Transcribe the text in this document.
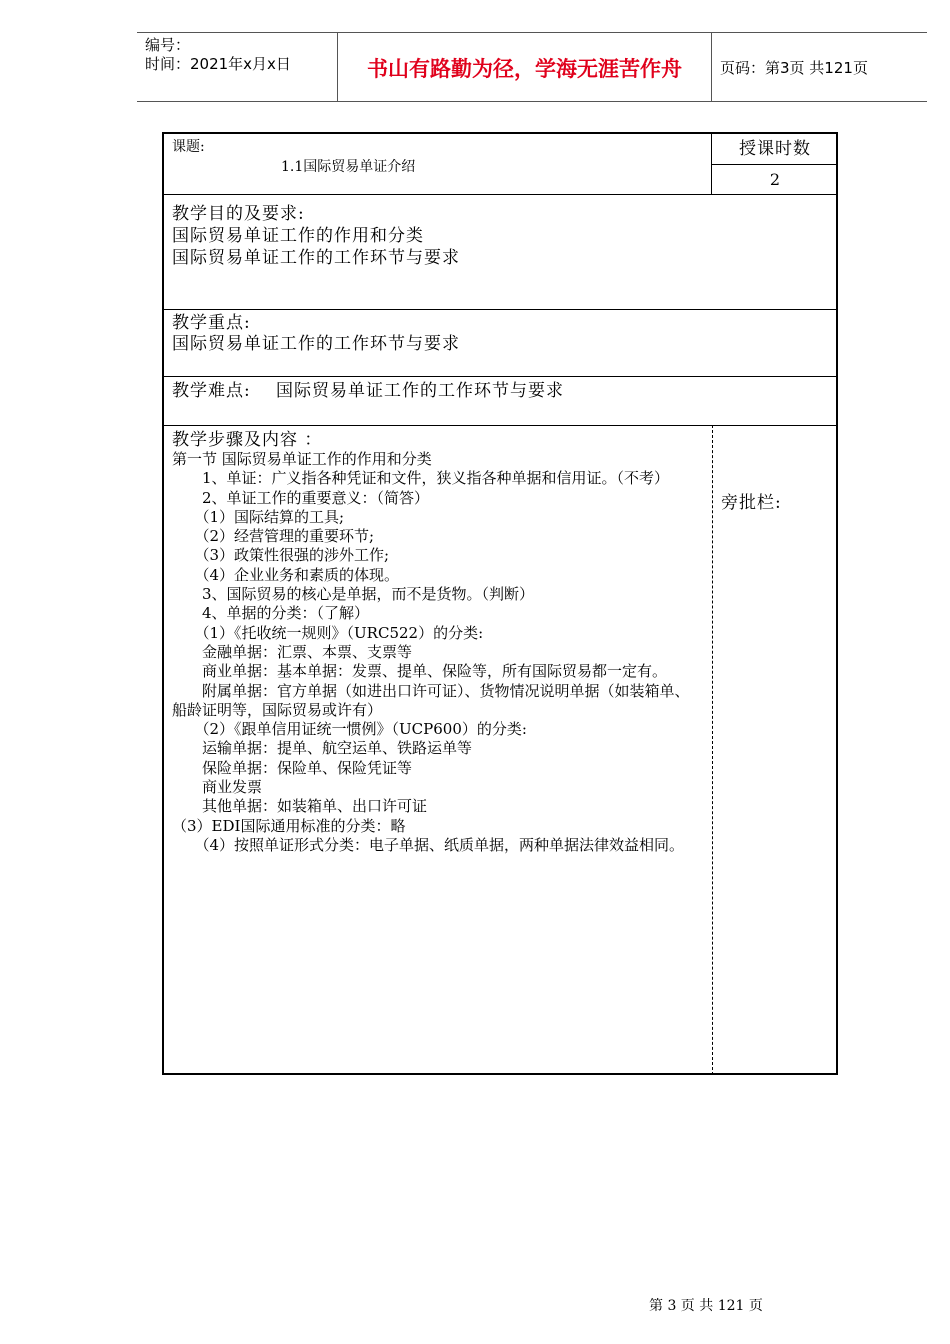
编号：
时间：2021年x月x日	书山有路勤为径，学海无涯苦作舟	页码：第3页 共121页
课题:
1.1国际贸易单证介绍
授课时数
2
教学目的及要求:
国际贸易单证工作的作用和分类
国际贸易单证工作的工作环节与要求
教学重点:
国际贸易单证工作的工作环节与要求
教学难点: 国际贸易单证工作的工作环节与要求
教学步骤及内容 ：
第一节 国际贸易单证工作的作用和分类
　　1、单证：广义指各种凭证和文件，狭义指各种单据和信用证。（不考）
　　2、单证工作的重要意义：（简答）
　　（1）国际结算的工具;
　　（2）经营管理的重要环节;
　　（3）政策性很强的涉外工作;
　　（4）企业业务和素质的体现。
　　3、国际贸易的核心是单据，而不是货物。（判断）
　　4、单据的分类：（了解）
　　（1）《托收统一规则》（URC522）的分类:
　　金融单据：汇票、本票、支票等
　　商业单据：基本单据：发票、提单、保险等，所有国际贸易都一定有。
　　附属单据：官方单据（如进出口许可证）、货物情况说明单据（如装箱单、船龄证明等，国际贸易或许有）
　　（2）《跟单信用证统一惯例》（UCP600）的分类:
　　运输单据：提单、航空运单、铁路运单等
　　保险单据：保险单、保险凭证等
　　商业发票
　　其他单据：如装箱单、出口许可证
（3）EDI国际通用标准的分类：略
　　（4）按照单证形式分类：电子单据、纸质单据，两种单据法律效益相同。
旁批栏:
第 3 页 共 121 页
